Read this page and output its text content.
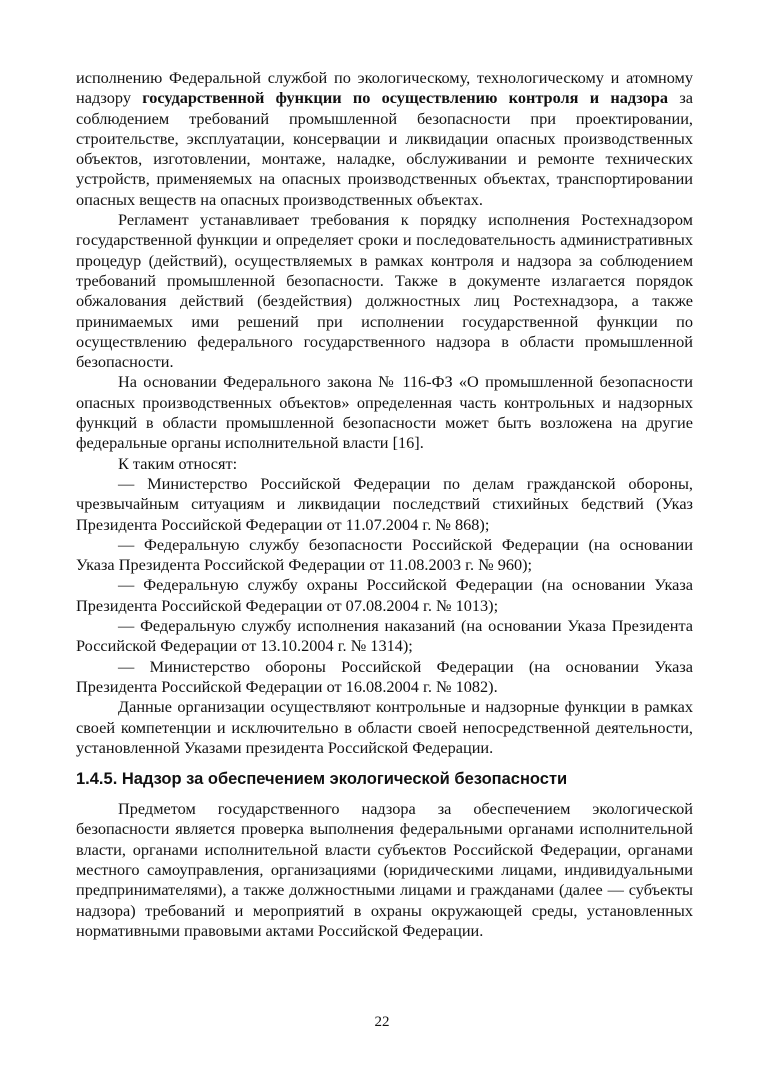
исполнению Федеральной службой по экологическому, технологическому и атомному надзору государственной функции по осуществлению контроля и надзора за соблюдением требований промышленной безопасности при проектировании, строительстве, эксплуатации, консервации и ликвидации опасных производственных объектов, изготовлении, монтаже, наладке, обслуживании и ремонте технических устройств, применяемых на опасных производственных объектах, транспортировании опасных веществ на опасных производственных объектах.

Регламент устанавливает требования к порядку исполнения Ростехнадзором государственной функции и определяет сроки и последовательность административных процедур (действий), осуществляемых в рамках контроля и надзора за соблюдением требований промышленной безопасности. Также в документе излагается порядок обжалования действий (бездействия) должностных лиц Ростехнадзора, а также принимаемых ими решений при исполнении государственной функции по осуществлению федерального государственного надзора в области промышленной безопасности.

На основании Федерального закона № 116-ФЗ «О промышленной безопасности опасных производственных объектов» определенная часть контрольных и надзорных функций в области промышленной безопасности может быть возложена на другие федеральные органы исполнительной власти [16].

К таким относят:

— Министерство Российской Федерации по делам гражданской обороны, чрезвычайным ситуациям и ликвидации последствий стихийных бедствий (Указ Президента Российской Федерации от 11.07.2004 г. № 868);

— Федеральную службу безопасности Российской Федерации (на основании Указа Президента Российской Федерации от 11.08.2003 г. № 960);

— Федеральную службу охраны Российской Федерации (на основании Указа Президента Российской Федерации от 07.08.2004 г. № 1013);

— Федеральную службу исполнения наказаний (на основании Указа Президента Российской Федерации от 13.10.2004 г. № 1314);

— Министерство обороны Российской Федерации (на основании Указа Президента Российской Федерации от 16.08.2004 г. № 1082).

Данные организации осуществляют контрольные и надзорные функции в рамках своей компетенции и исключительно в области своей непосредственной деятельности, установленной Указами президента Российской Федерации.

1.4.5. Надзор за обеспечением экологической безопасности

Предметом государственного надзора за обеспечением экологической безопасности является проверка выполнения федеральными органами исполнительной власти, органами исполнительной власти субъектов Российской Федерации, органами местного самоуправления, организациями (юридическими лицами, индивидуальными предпринимателями), а также должностными лицами и гражданами (далее — субъекты надзора) требований и мероприятий в охраны окружающей среды, установленных нормативными правовыми актами Российской Федерации.

22
